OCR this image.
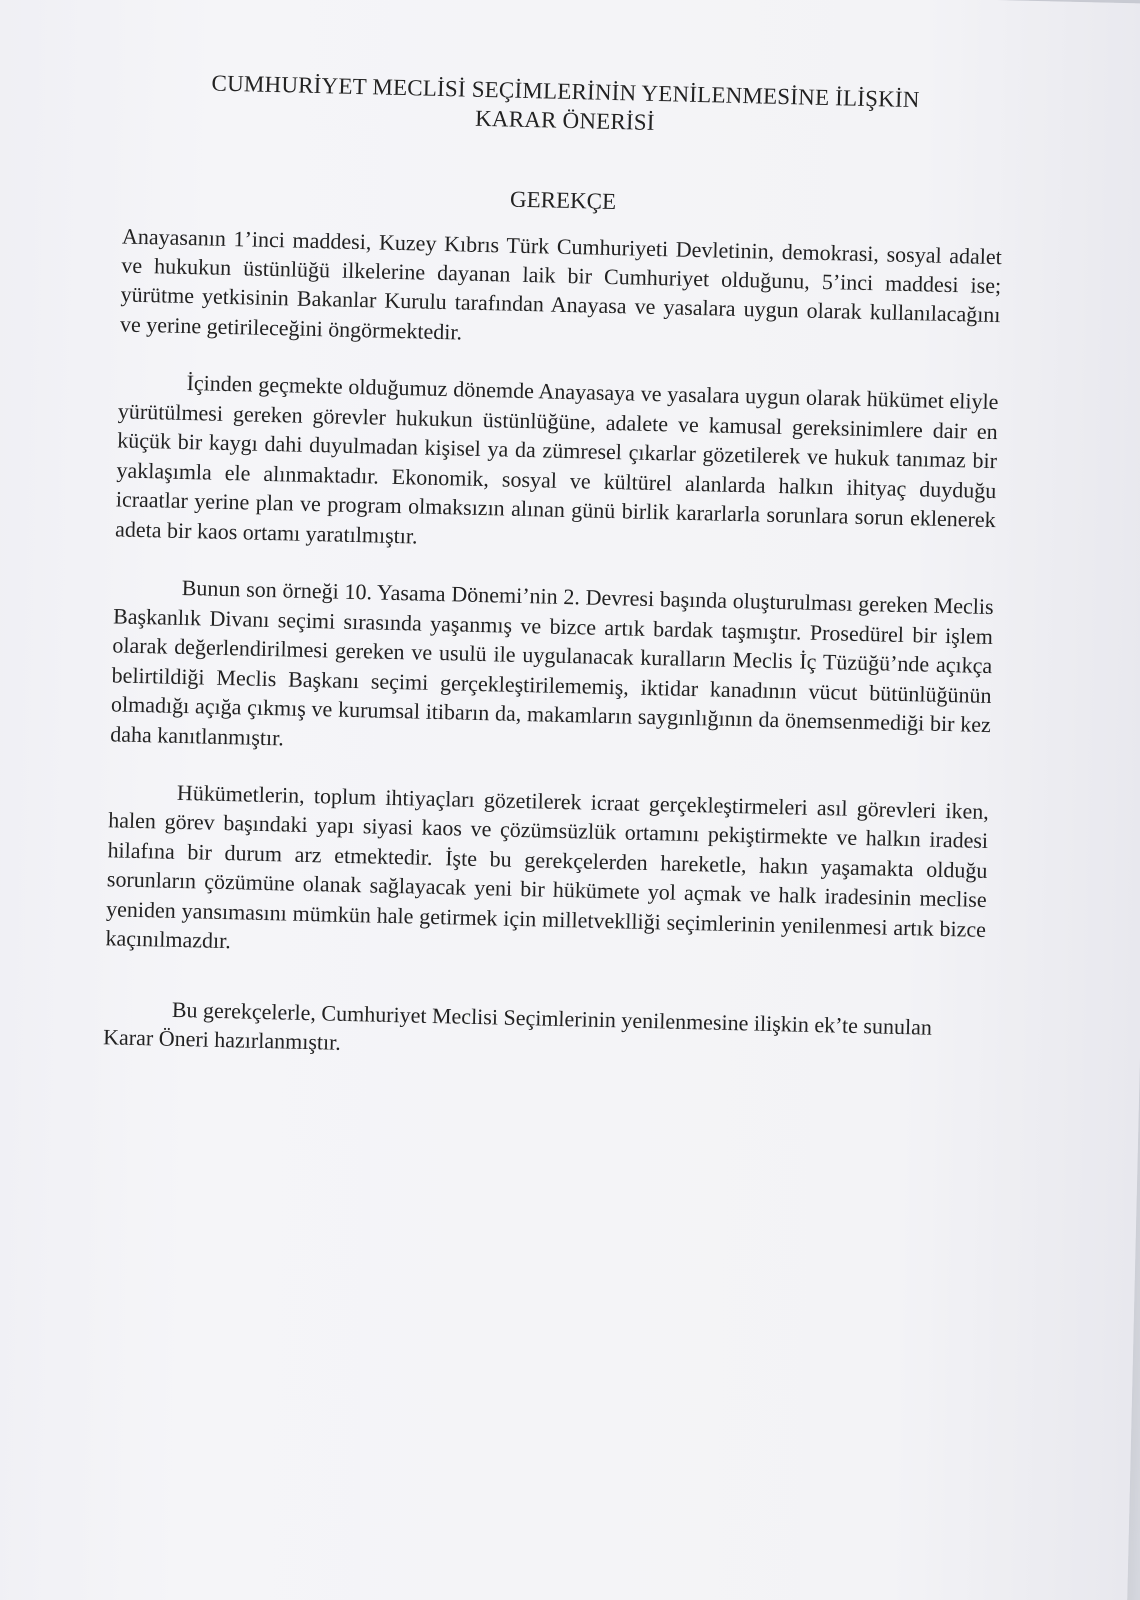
CUMHURİYET MECLİSİ SEÇİMLERİNİN YENİLENMESİNE İLİŞKİN
KARAR ÖNERİSİ
GEREKÇE

Anayasanın 1’inci maddesi, Kuzey Kıbrıs Türk Cumhuriyeti Devletinin, demokrasi, sosyal adalet ve hukukun üstünlüğü ilkelerine dayanan laik bir Cumhuriyet olduğunu, 5’inci maddesi ise; yürütme yetkisinin Bakanlar Kurulu tarafından Anayasa ve yasalara uygun olarak kullanılacağını ve yerine getirileceğini öngörmektedir.

İçinden geçmekte olduğumuz dönemde Anayasaya ve yasalara uygun olarak hükümet eliyle yürütülmesi gereken görevler hukukun üstünlüğüne, adalete ve kamusal gereksinimlere dair en küçük bir kaygı dahi duyulmadan kişisel ya da zümresel çıkarlar gözetilerek ve hukuk tanımaz bir yaklaşımla ele alınmaktadır. Ekonomik, sosyal ve kültürel alanlarda halkın ihityaç duyduğu icraatlar yerine plan ve program olmaksızın alınan günü birlik kararlarla sorunlara sorun eklenerek adeta bir kaos ortamı yaratılmıştır.

Bunun son örneği 10. Yasama Dönemi’nin 2. Devresi başında oluşturulması gereken Meclis Başkanlık Divanı seçimi sırasında yaşanmış ve bizce artık bardak taşmıştır. Prosedürel bir işlem olarak değerlendirilmesi gereken ve usulü ile uygulanacak kuralların Meclis İç Tüzüğü’nde açıkça belirtildiği Meclis Başkanı seçimi gerçekleştirilememiş, iktidar kanadının vücut bütünlüğünün olmadığı açığa çıkmış ve kurumsal itibarın da, makamların saygınlığının da önemsenmediği bir kez daha kanıtlanmıştır.

Hükümetlerin, toplum ihtiyaçları gözetilerek icraat gerçekleştirmeleri asıl görevleri iken, halen görev başındaki yapı siyasi kaos ve çözümsüzlük ortamını pekiştirmekte ve halkın iradesi hilafına bir durum arz etmektedir. İşte bu gerekçelerden hareketle, hakın yaşamakta olduğu sorunların çözümüne olanak sağlayacak yeni bir hükümete yol açmak ve halk iradesinin meclise yeniden yansımasını mümkün hale getirmek için milletveklliği seçimlerinin yenilenmesi artık bizce kaçınılmazdır.

Bu gerekçelerle, Cumhuriyet Meclisi Seçimlerinin yenilenmesine ilişkin ek’te sunulan Karar Öneri hazırlanmıştır.
